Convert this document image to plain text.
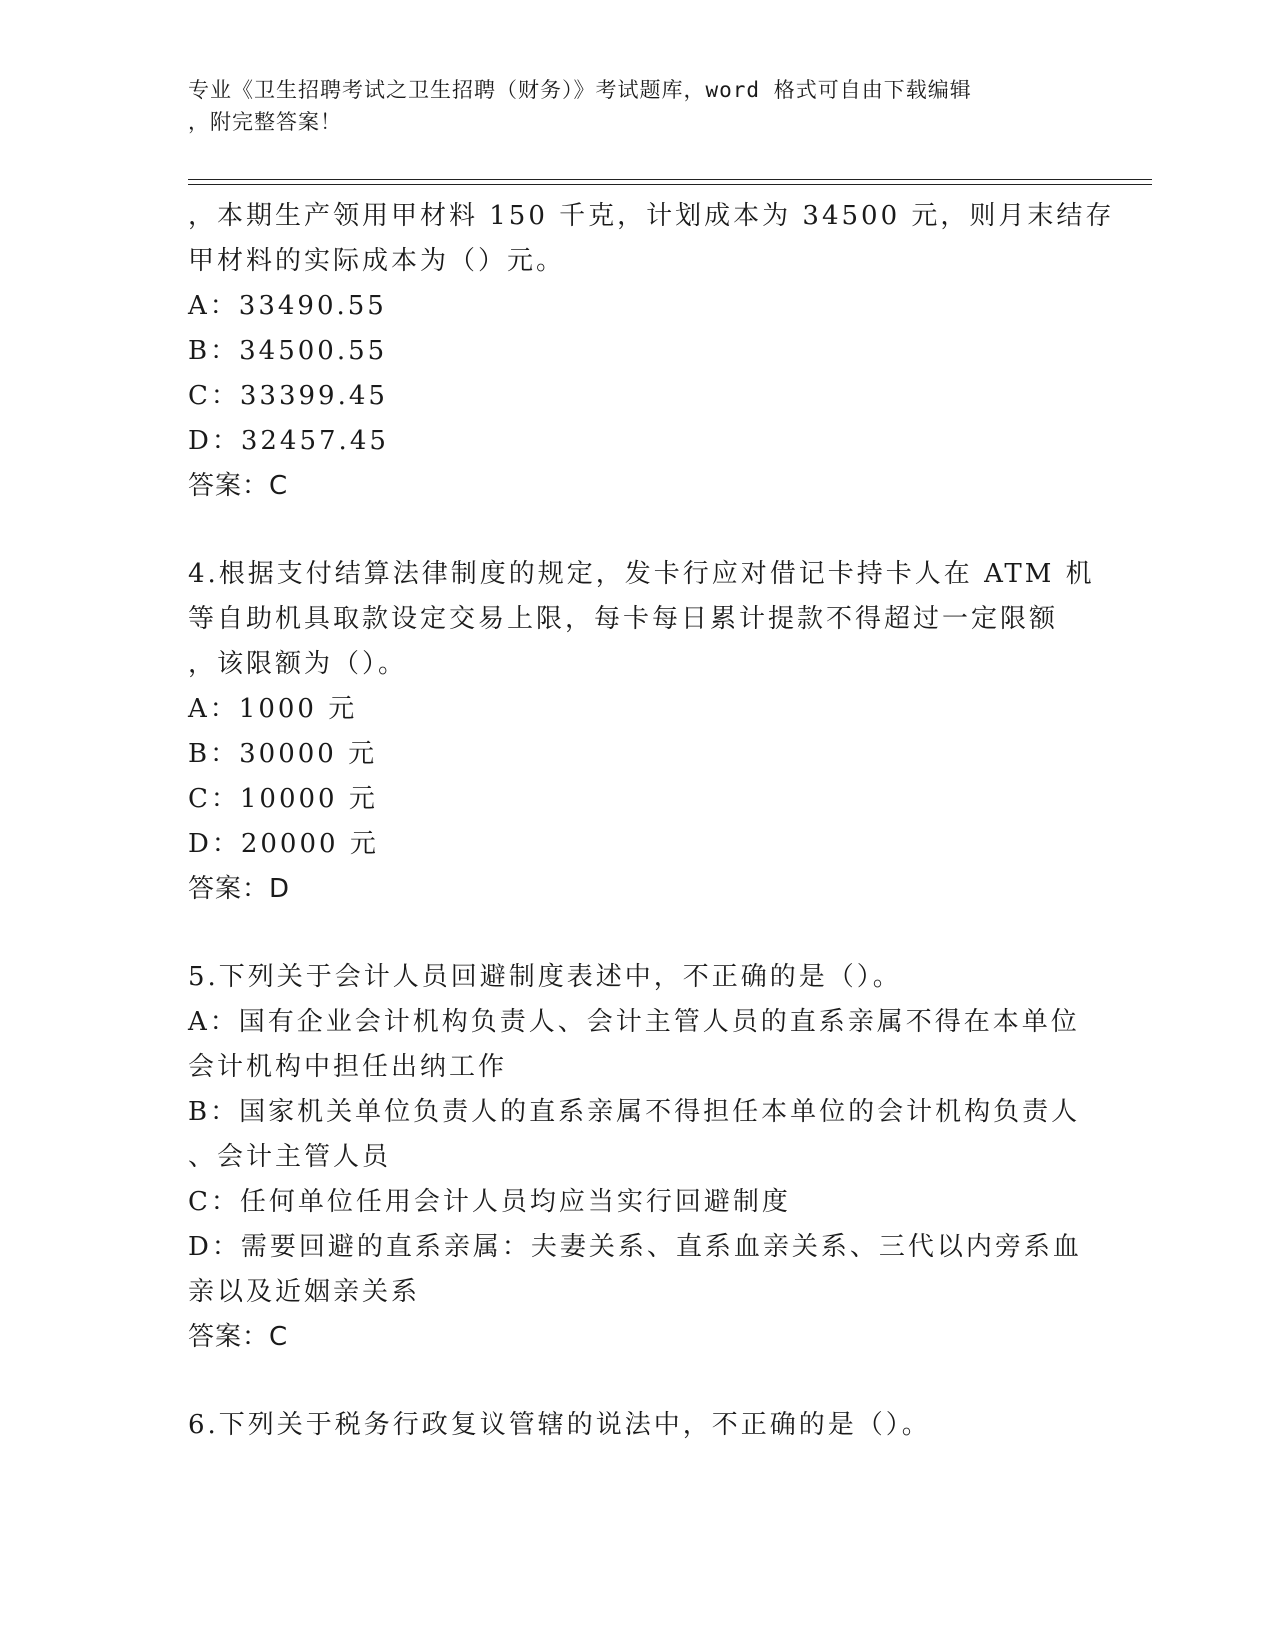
专业《卫生招聘考试之卫生招聘（财务）》考试题库，word 格式可自由下载编辑
，附完整答案！
，本期生产领用甲材料 150 千克，计划成本为 34500 元，则月末结存
甲材料的实际成本为（）元。
A：33490.55
B：34500.55
C：33399.45
D：32457.45
答案：C
4.根据支付结算法律制度的规定，发卡行应对借记卡持卡人在 ATM 机
等自助机具取款设定交易上限，每卡每日累计提款不得超过一定限额
，该限额为（）。
A：1000 元
B：30000 元
C：10000 元
D：20000 元
答案：D
5.下列关于会计人员回避制度表述中，不正确的是（）。
A：国有企业会计机构负责人、会计主管人员的直系亲属不得在本单位
会计机构中担任出纳工作
B：国家机关单位负责人的直系亲属不得担任本单位的会计机构负责人
、会计主管人员
C：任何单位任用会计人员均应当实行回避制度
D：需要回避的直系亲属：夫妻关系、直系血亲关系、三代以内旁系血
亲以及近姻亲关系
答案：C
6.下列关于税务行政复议管辖的说法中，不正确的是（）。
